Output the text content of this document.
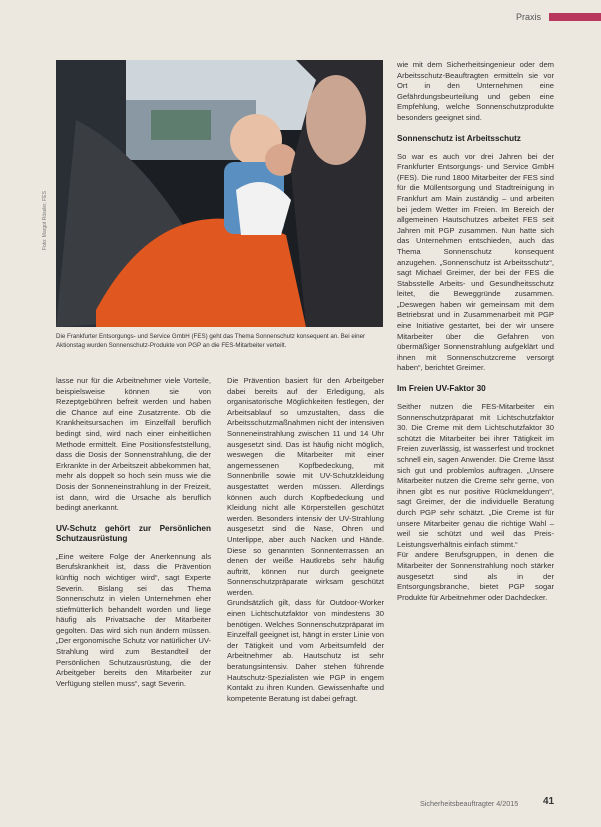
Praxis
Foto: Margot Rössler, FES
Die Frankfurter Entsorgungs- und Service GmbH (FES) geht das Thema Sonnenschutz konsequent an. Bei einer Aktionstag wurden Sonnenschutz-Produkte von PGP an die FES-Mitarbeiter verteilt.

lasse nur für die Arbeitnehmer viele Vorteile, beispielsweise können sie von Rezeptgebühren befreit werden und haben die Chance auf eine Zusatzrente. Ob die Krankheitsursachen im Einzelfall beruflich bedingt sind, wird nach einer einheitlichen Methode ermittelt. Eine Positionsfeststellung, dass die Dosis der Sonnenstrahlung, die der Erkrankte in der Arbeitszeit abbekommen hat, mehr als doppelt so hoch sein muss wie die Dosis der Sonneneinstrahlung in der Freizeit, ist dann, wird die Ursache als beruflich bedingt anerkannt.

UV-Schutz gehört zur Persönlichen Schutzausrüstung

„Eine weitere Folge der Anerkennung als Berufskrankheit ist, dass die Prävention künftig noch wichtiger wird“, sagt Experte Severin. Bislang sei das Thema Sonnenschutz in vielen Unternehmen eher stiefmütterlich behandelt worden und liege häufig als Privatsache der Mitarbeiter gegolten. Das wird sich nun ändern müssen. „Der ergonomische Schutz vor natürlicher UV-Strahlung wird zum Bestandteil der Persönlichen Schutzausrüstung, die der Arbeitgeber bereits den Mitarbeiter zur Verfügung stellen muss“, sagt Severin.

Die Prävention basiert für den Arbeitgeber dabei bereits auf der Erledigung, als organisatorische Möglichkeiten festlegen, der Arbeitsablauf so umzustalten, dass die Arbeitsschutzmaßnahmen nicht der intensiven Sonneneinstrahlung zwischen 11 und 14 Uhr ausgesetzt sind. Das ist häufig nicht möglich, weswegen die Mitarbeiter mit einer angemessenen Kopfbedeckung, mit Sonnenbrille sowie mit UV-Schutzkleidung ausgestattet werden müssen. Allerdings können auch durch Kopfbedeckung und Kleidung nicht alle Körperstellen geschützt werden. Besonders intensiv der UV-Strahlung ausgesetzt sind die Nase, Ohren und Unterlippe, aber auch Nacken und Hände. Diese so genannten Sonnenterrassen an denen der weiße Hautkrebs sehr häufig auftritt, können nur durch geeignete Sonnenschutzpräparate wirksam geschützt werden.

Grundsätzlich gilt, dass für Outdoor-Worker einen Lichtschutzfaktor von mindestens 30 benötigen. Welches Sonnenschutzpräparat im Einzelfall geeignet ist, hängt in erster Linie von der Tätigkeit und vom Arbeitsumfeld der Arbeitnehmer ab. Hautschutz ist sehr beratungsintensiv. Daher stehen führende Hautschutz-Spezialisten wie PGP in engem Kontakt zu ihren Kunden. Gewissenhafte und kompetente Beratung ist dabei gefragt.

wie mit dem Sicherheitsingenieur oder dem Arbeitsschutz-Beauftragten ermitteln sie vor Ort in den Unternehmen eine Gefährdungsbeurteilung und geben eine Empfehlung, welche Sonnenschutzprodukte besonders geeignet sind.

Sonnenschutz ist Arbeitsschutz

So war es auch vor drei Jahren bei der Frankfurter Entsorgungs- und Service GmbH (FES). Die rund 1800 Mitarbeiter der FES sind für die Müllentsorgung und Stadtreinigung in Frankfurt am Main zuständig – und arbeiten bei jedem Wetter im Freien. Im Bereich der allgemeinen Hautschutzes arbeitet FES seit Jahren mit PGP zusammen. Nun hatte sich das Unternehmen entschieden, auch das Thema Sonnenschutz konsequent anzugehen. „Sonnenschutz ist Arbeitsschutz“, sagt Michael Greimer, der bei der FES die Stabsstelle Arbeits- und Gesundheitsschutz leitet, die Beweggründe zusammen. „Deswegen haben wir gemeinsam mit dem Betriebsrat und in Zusammenarbeit mit PGP eine Initiative gestartet, bei der wir unsere Mitarbeiter über die Gefahren von übermäßiger Sonnenstrahlung aufgeklärt und ihnen mit Sonnenschutzcreme versorgt haben“, berichtet Greimer.

Im Freien UV-Faktor 30

Seither nutzen die FES-Mitarbeiter ein Sonnenschutzpräparat mit Lichtschutzfaktor 30. Die Creme mit dem Lichtschutzfaktor 30 schützt die Mitarbeiter bei ihrer Tätigkeit im Freien zuverlässig, ist wasserfest und trocknet schnell ein, sagen Anwender. Die Creme lässt sich gut und problemlos auftragen. „Unsere Mitarbeiter nutzen die Creme sehr gerne, von ihnen gibt es nur positive Rückmeldungen“, sagt Greimer, der die individuelle Beratung durch PGP sehr schätzt. „Die Creme ist für unsere Mitarbeiter genau die richtige Wahl – weil sie schützt und weil das Preis-Leistungsverhältnis einfach stimmt.“

Für andere Berufsgruppen, in denen die Mitarbeiter der Sonnenstrahlung noch stärker ausgesetzt sind als in der Entsorgungsbranche, bietet PGP sogar Produkte für Arbeitnehmer oder Dachdecker.

Sicherheitsbeauftragter 4/2015 41
